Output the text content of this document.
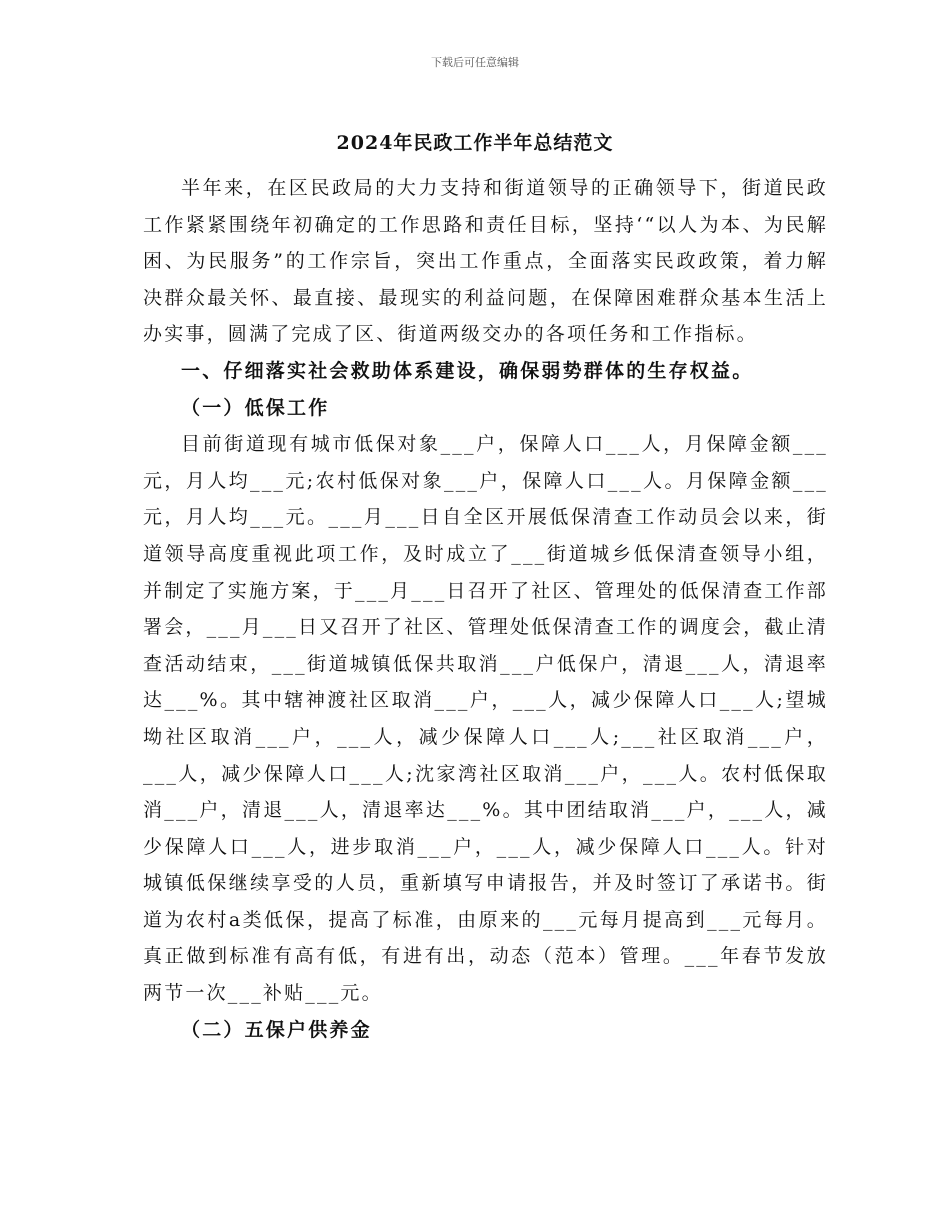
下载后可任意编辑
2024年民政工作半年总结范文

半年来，在区民政局的大力支持和街道领导的正确领导下，街道民政工作紧紧围绕年初确定的工作思路和责任目标，坚持‘“以人为本、为民解困、为民服务”的工作宗旨，突出工作重点，全面落实民政政策，着力解决群众最关怀、最直接、最现实的利益问题，在保障困难群众基本生活上办实事，圆满了完成了区、街道两级交办的各项任务和工作指标。

一、仔细落实社会救助体系建设，确保弱势群体的生存权益。

（一）低保工作

目前街道现有城市低保对象___户，保障人口___人，月保障金额___元，月人均___元;农村低保对象___户，保障人口___人。月保障金额___元，月人均___元。___月___日自全区开展低保清查工作动员会以来，街道领导高度重视此项工作，及时成立了___街道城乡低保清查领导小组，并制定了实施方案，于___月___日召开了社区、管理处的低保清查工作部署会，___月___日又召开了社区、管理处低保清查工作的调度会，截止清查活动结束，___街道城镇低保共取消___户低保户，清退___人，清退率达___%。其中辖神渡社区取消___户，___人，减少保障人口___人;望城坳社区取消___户，___人，减少保障人口___人;___社区取消___户，___人，减少保障人口___人;沈家湾社区取消___户，___人。农村低保取消___户，清退___人，清退率达___%。其中团结取消___户，___人，减少保障人口___人，进步取消___户，___人，减少保障人口___人。针对城镇低保继续享受的人员，重新填写申请报告，并及时签订了承诺书。街道为农村a类低保，提高了标准，由原来的___元每月提高到___元每月。真正做到标准有高有低，有进有出，动态（范本）管理。___年春节发放两节一次___补贴___元。

（二）五保户供养金
